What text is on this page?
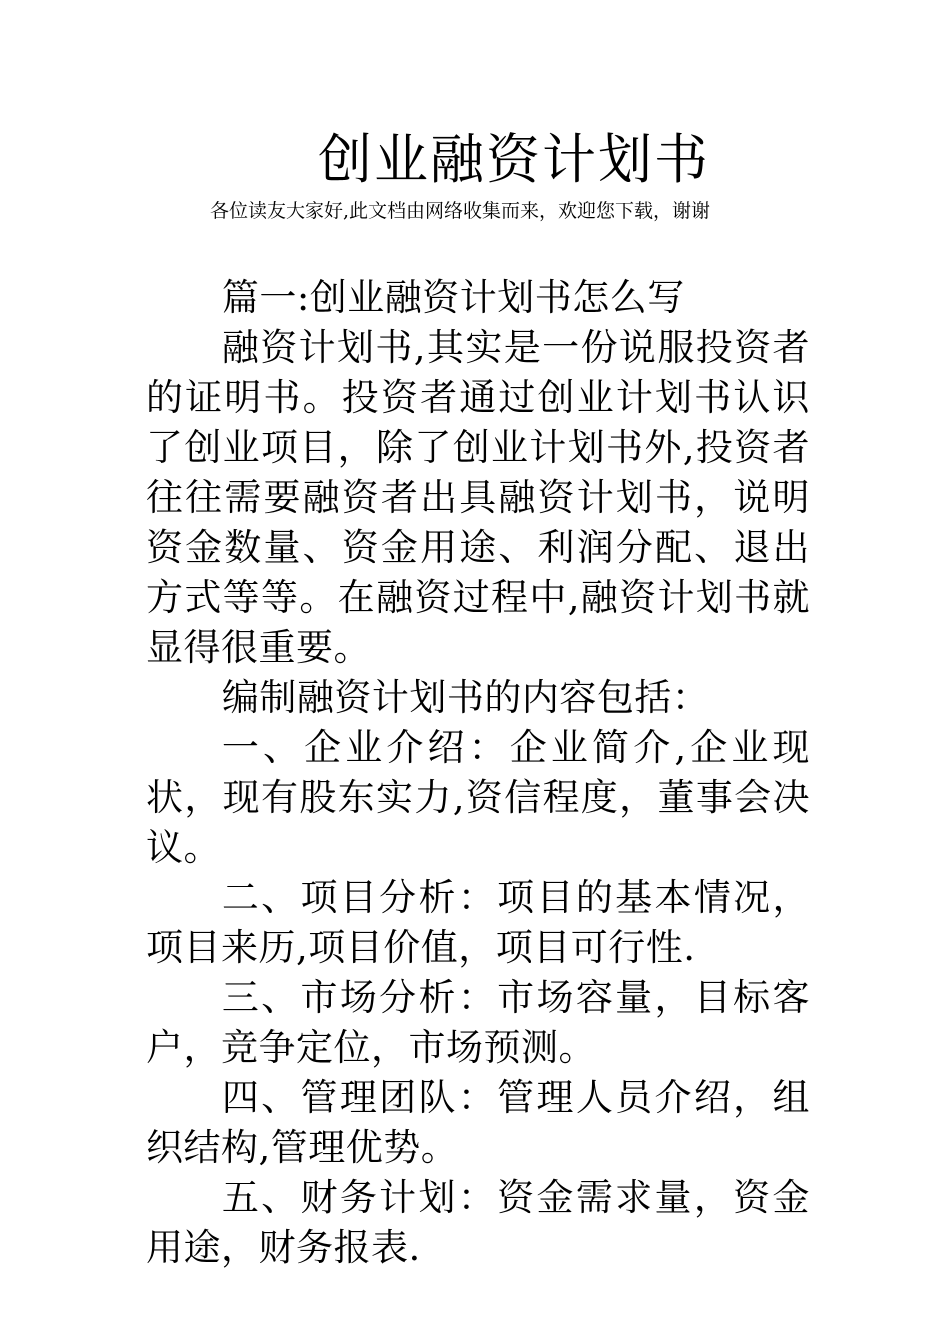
创业融资计划书
各位读友大家好,此文档由网络收集而来，欢迎您下载，谢谢

篇一:创业融资计划书怎么写

融资计划书,其实是一份说服投资者的证明书。投资者通过创业计划书认识了创业项目，除了创业计划书外,投资者往往需要融资者出具融资计划书，说明资金数量、资金用途、利润分配、退出方式等等。在融资过程中,融资计划书就显得很重要。

编制融资计划书的内容包括：

一、企业介绍：企业简介,企业现状，现有股东实力,资信程度，董事会决议。

二、项目分析：项目的基本情况，项目来历,项目价值，项目可行性.

三、市场分析：市场容量，目标客户，竞争定位，市场预测。

四、管理团队：管理人员介绍，组织结构,管理优势。

五、财务计划：资金需求量，资金用途，财务报表.
